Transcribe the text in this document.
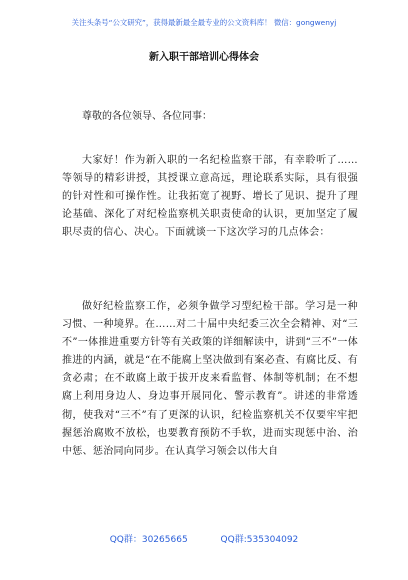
关注头条号“公文研究”，获得最新最全最专业的公文资料库！ 微信：gongwenyj
新入职干部培训心得体会
尊敬的各位领导、各位同事：

大家好！作为新入职的一名纪检监察干部，有幸聆听了……等领导的精彩讲授，其授课立意高远，理论联系实际，具有很强的针对性和可操作性。让我拓宽了视野、增长了见识、提升了理论基础、深化了对纪检监察机关职责使命的认识，更加坚定了履职尽责的信心、决心。下面就谈一下这次学习的几点体会：

做好纪检监察工作，必须争做学习型纪检干部。学习是一种习惯、一种境界。在……对二十届中央纪委三次全会精神、对“三不”一体推进重要方针等有关政策的详细解读中，讲到“三不”一体推进的内涵，就是“在不能腐上坚决做到有案必查、有腐比反、有贪必肃；在不敢腐上敢于拔开皮来看监督、体制等机制；在不想腐上利用身边人、身边事开展同化、警示教育”。讲述的非常透彻，使我对“三不”有了更深的认识，纪检监察机关不仅要牢牢把握惩治腐败不放松，也要教育预防不手软，进而实现惩中治、治中惩、惩治同向同步。在认真学习领会以伟大自

QQ群：30265665	QQ群:535304092
